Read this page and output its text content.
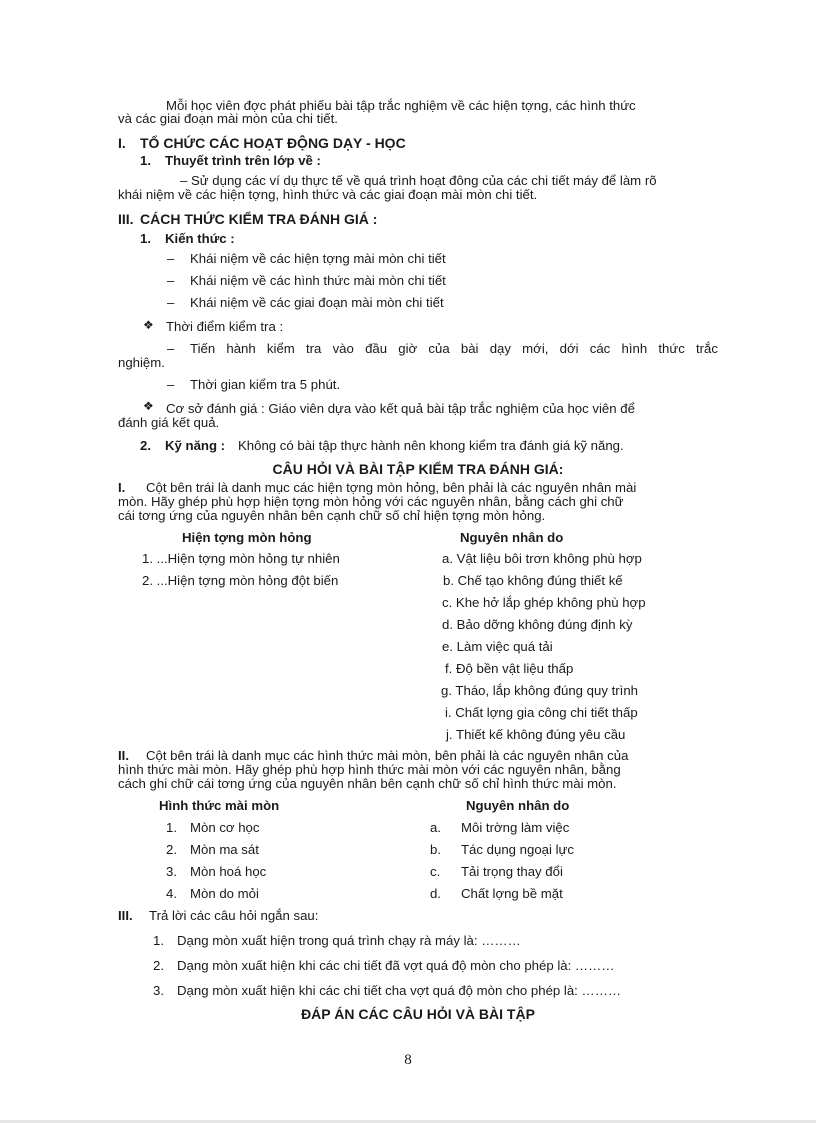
Mỗi học viên đợc phát phiếu bài tập trắc nghiệm về các hiện tợng, các hình thức
và các giai đoạn mài mòn của chi tiết.
I. TỔ CHỨC CÁC HOẠT ĐỘNG DẠY - HỌC
1. Thuyết trình trên lớp về :
– Sử dụng các ví dụ thực tế về quá trình hoạt đông của các chi tiết máy để làm rõ
khái niệm về các hiện tợng, hình thức và các giai đoạn mài mòn chi tiết.
III. CÁCH THỨC KIỂM TRA ĐÁNH GIÁ :
1. Kiến thức :
– Khái niệm về các hiện tợng mài mòn chi tiết
– Khái niệm về các hình thức mài mòn chi tiết
– Khái niệm về các giai đoạn mài mòn chi tiết
❖ Thời điểm kiểm tra :
– Tiến hành kiểm tra vào đầu giờ của bài dạy mới, dới các hình thức trắc
nghiệm.
– Thời gian kiểm tra 5 phút.
❖ Cơ sở đánh giá : Giáo viên dựa vào kết quả bài tập trắc nghiệm của học viên để
đánh giá kết quả.
2. Kỹ năng : Không có bài tập thực hành nên khong kiểm tra đánh giá kỹ năng.
CÂU HỎI VÀ BÀI TẬP KIỂM TRA ĐÁNH GIÁ:
I. Cột bên trái là danh mục các hiện tợng mòn hỏng, bên phải là các nguyên nhân mài
mòn. Hãy ghép phù hợp hiện tợng mòn hỏng với các nguyên nhân, bằng cách ghi chữ
cái tơng ứng của nguyên nhân bên cạnh chữ số chỉ hiện tợng mòn hỏng.
Hiện tợng mòn hỏng	Nguyên nhân do
1. ...Hiện tợng mòn hỏng tự nhiên
2. ...Hiện tợng mòn hỏng đột biến
a. Vật liệu bôi trơn không phù hợp
b. Chế tạo không đúng thiết kế
c. Khe hở lắp ghép không phù hợp
d. Bảo dỡng không đúng định kỳ
e. Làm việc quá tải
f. Độ bền vật liệu thấp
g. Tháo, lắp không đúng quy trình
i. Chất lợng gia công chi tiết thấp
j. Thiết kế không đúng yêu cầu
II. Cột bên trái là danh mục các hình thức mài mòn, bên phải là các nguyên nhân của
hình thức mài mòn. Hãy ghép phù hợp hình thức mài mòn với các nguyên nhân, bằng
cách ghi chữ cái tơng ứng của nguyên nhân bên cạnh chữ số chỉ hình thức mài mòn.
Hình thức mài mòn	Nguyên nhân do
1. Mòn cơ học
2. Mòn ma sát
3. Mòn hoá học
4. Mòn do mỏi
a. Môi trờng làm việc
b. Tác dụng ngoại lực
c. Tải trọng thay đổi
d. Chất lợng bề mặt
III. Trả lời các câu hỏi ngắn sau:
1. Dạng mòn xuất hiện trong quá trình chạy rà máy là: ………
2. Dạng mòn xuất hiện khi các chi tiết đã vợt quá độ mòn cho phép là: ………
3. Dạng mòn xuất hiện khi các chi tiết cha vợt quá độ mòn cho phép là: ………
ĐÁP ÁN CÁC CÂU HỎI VÀ BÀI TẬP
8
